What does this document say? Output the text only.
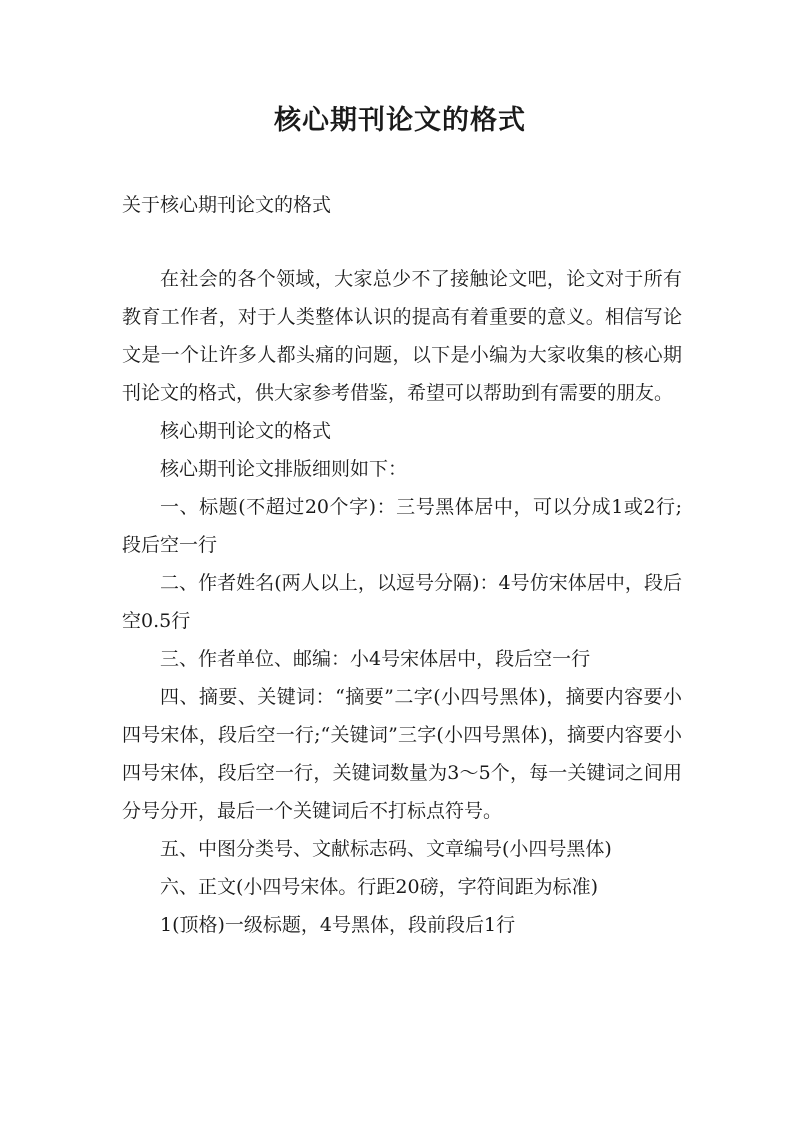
核心期刊论文的格式

关于核心期刊论文的格式

在社会的各个领域，大家总少不了接触论文吧，论文对于所有教育工作者，对于人类整体认识的提高有着重要的意义。相信写论文是一个让许多人都头痛的问题，以下是小编为大家收集的核心期刊论文的格式，供大家参考借鉴，希望可以帮助到有需要的朋友。

核心期刊论文的格式

核心期刊论文排版细则如下：

一、标题(不超过20个字)：三号黑体居中，可以分成1或2行;段后空一行

二、作者姓名(两人以上，以逗号分隔)：4号仿宋体居中，段后空0.5行

三、作者单位、邮编：小4号宋体居中，段后空一行

四、摘要、关键词：“摘要”二字(小四号黑体)，摘要内容要小四号宋体，段后空一行;“关键词”三字(小四号黑体)，摘要内容要小四号宋体，段后空一行，关键词数量为3～5个，每一关键词之间用分号分开，最后一个关键词后不打标点符号。

五、中图分类号、文献标志码、文章编号(小四号黑体)

六、正文(小四号宋体。行距20磅，字符间距为标准)

1(顶格)一级标题，4号黑体，段前段后1行
